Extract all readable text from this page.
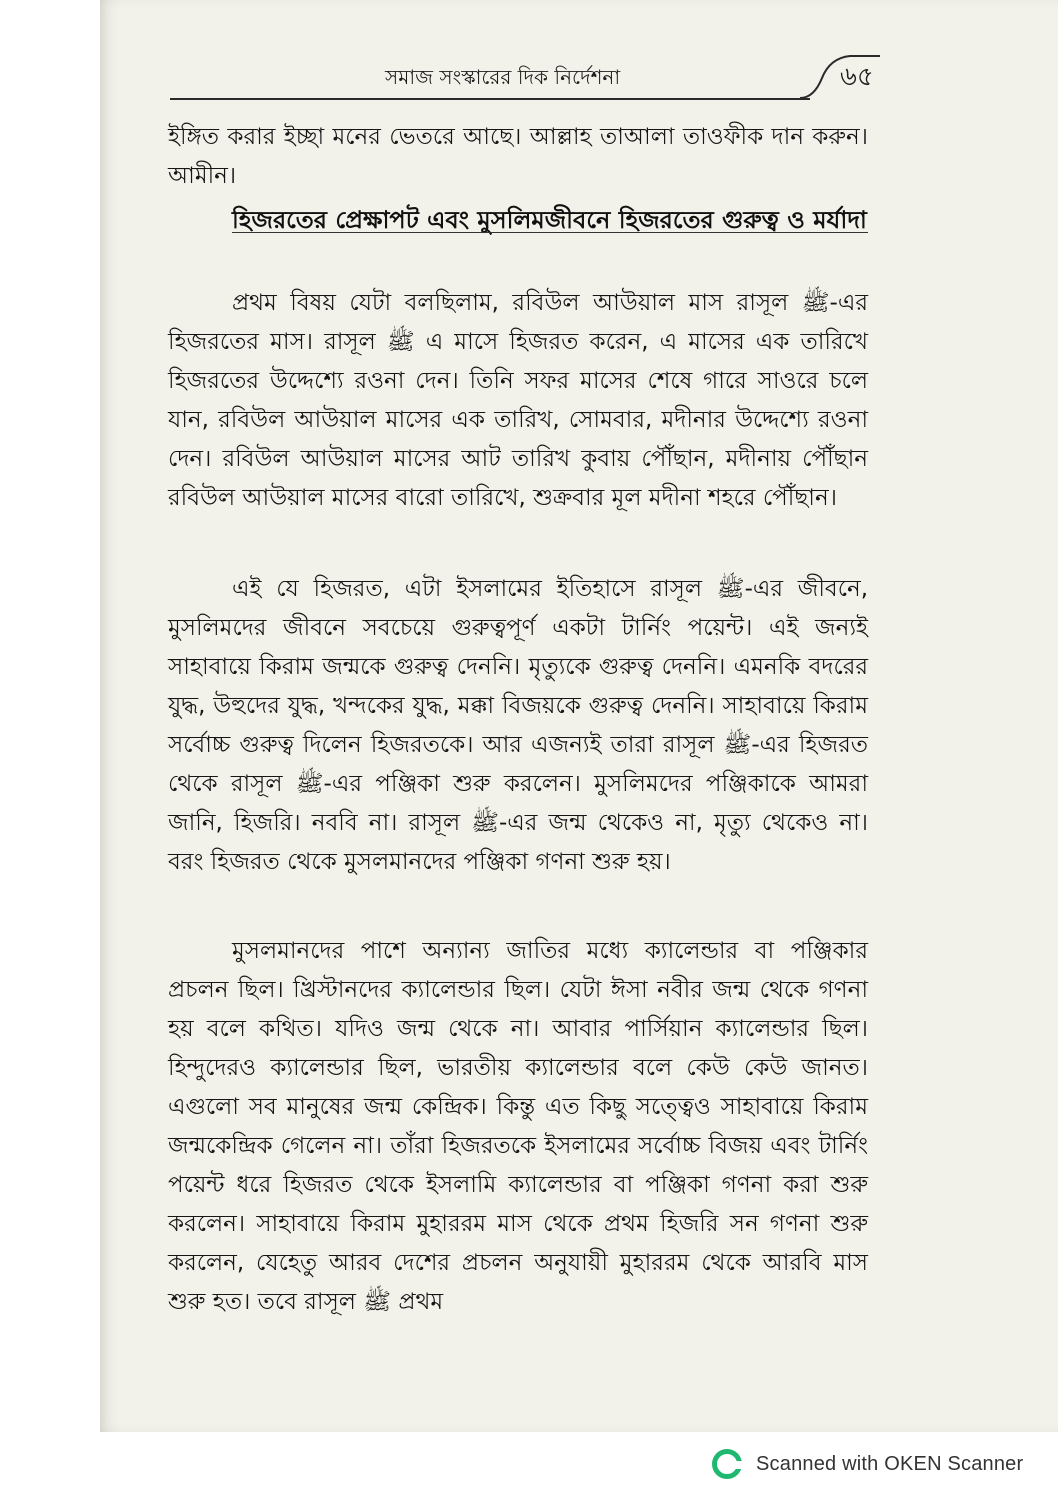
সমাজ সংস্কারের দিক নির্দেশনা	৬৫
ইঙ্গিত করার ইচ্ছা মনের ভেতরে আছে। আল্লাহ তাআলা তাওফীক দান করুন। আমীন।
হিজরতের প্রেক্ষাপট এবং মুসলিমজীবনে হিজরতের গুরুত্ব ও মর্যাদা
প্রথম বিষয় যেটা বলছিলাম, রবিউল আউয়াল মাস রাসূল ﷺ-এর হিজরতের মাস। রাসূল ﷺ এ মাসে হিজরত করেন, এ মাসের এক তারিখে হিজরতের উদ্দেশ্যে রওনা দেন। তিনি সফর মাসের শেষে গারে সাওরে চলে যান, রবিউল আউয়াল মাসের এক তারিখ, সোমবার, মদীনার উদ্দেশ্যে রওনা দেন। রবিউল আউয়াল মাসের আট তারিখ কুবায় পৌঁছান, মদীনায় পৌঁছান রবিউল আউয়াল মাসের বারো তারিখে, শুক্রবার মূল মদীনা শহরে পৌঁছান।
এই যে হিজরত, এটা ইসলামের ইতিহাসে রাসূল ﷺ-এর জীবনে, মুসলিমদের জীবনে সবচেয়ে গুরুত্বপূর্ণ একটা টার্নিং পয়েন্ট। এই জন্যই সাহাবায়ে কিরাম জন্মকে গুরুত্ব দেননি। মৃত্যুকে গুরুত্ব দেননি। এমনকি বদরের যুদ্ধ, উহুদের যুদ্ধ, খন্দকের যুদ্ধ, মক্কা বিজয়কে গুরুত্ব দেননি। সাহাবায়ে কিরাম সর্বোচ্চ গুরুত্ব দিলেন হিজরতকে। আর এজন্যই তারা রাসূল ﷺ-এর হিজরত থেকে রাসূল ﷺ-এর পঞ্জিকা শুরু করলেন। মুসলিমদের পঞ্জিকাকে আমরা জানি, হিজরি। নববি না। রাসূল ﷺ-এর জন্ম থেকেও না, মৃত্যু থেকেও না। বরং হিজরত থেকে মুসলমানদের পঞ্জিকা গণনা শুরু হয়।
মুসলমানদের পাশে অন্যান্য জাতির মধ্যে ক্যালেন্ডার বা পঞ্জিকার প্রচলন ছিল। খ্রিস্টানদের ক্যালেন্ডার ছিল। যেটা ঈসা নবীর জন্ম থেকে গণনা হয় বলে কথিত। যদিও জন্ম থেকে না। আবার পার্সিয়ান ক্যালেন্ডার ছিল। হিন্দুদেরও ক্যালেন্ডার ছিল, ভারতীয় ক্যালেন্ডার বলে কেউ কেউ জানত। এগুলো সব মানুষের জন্ম কেন্দ্রিক। কিন্তু এত কিছু সত্ত্বেও সাহাবায়ে কিরাম জন্মকেন্দ্রিক গেলেন না। তাঁরা হিজরতকে ইসলামের সর্বোচ্চ বিজয় এবং টার্নিং পয়েন্ট ধরে হিজরত থেকে ইসলামি ক্যালেন্ডার বা পঞ্জিকা গণনা করা শুরু করলেন। সাহাবায়ে কিরাম মুহাররম মাস থেকে প্রথম হিজরি সন গণনা শুরু করলেন, যেহেতু আরব দেশের প্রচলন অনুযায়ী মুহাররম থেকে আরবি মাস শুরু হত। তবে রাসূল ﷺ প্রথম
Scanned with OKEN Scanner
